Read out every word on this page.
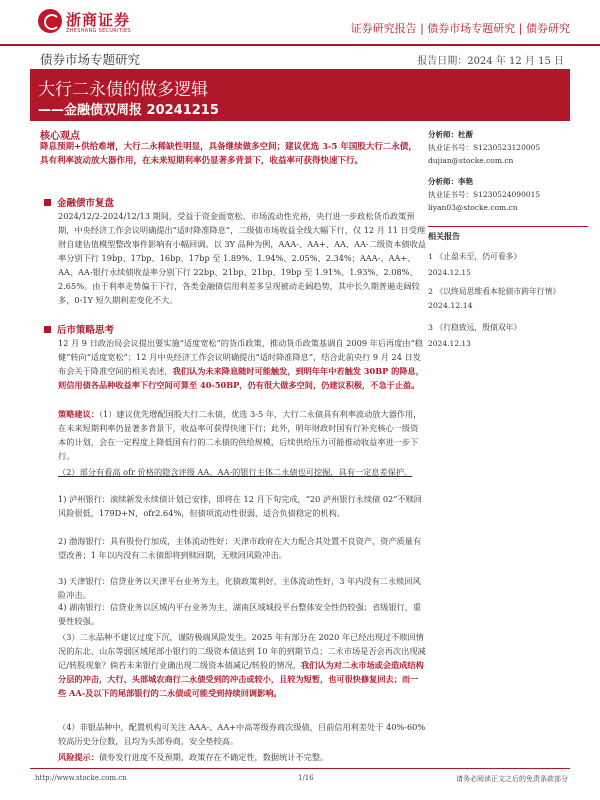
浙商证券
ZHESHANG SECURITIES	证券研究报告 | 债券市场专题研究 | 债券研究
债券市场专题研究	报告日期：2024 年 12 月 15 日
大行二永债的做多逻辑
——金融债双周报 20241215
核心观点
降息预期+供给难增，大行二永稀缺性明显，具备继续做多空间；建议优选 3-5 年国股大行二永债，具有利率波动放大器作用，在未来短期利率仍显著多背景下，收益率可获得快速下行。
金融债市复盘
2024/12/2-2024/12/13 期间，受益于资金面宽松、市场流动性充裕，央行进一步政松货币政策预期，中央经济工作会议明确提出“适时降准降息”，二级债市场收益全线大幅下行，仅 12 月 11 日受理财自建估值模型整改事件影响有小幅回调。以 3Y 品种为例，AAA-、AA+、AA、AA-二级资本债收益率分别下行 19bp、17bp、16bp、17bp 至 1.89%、1.94%、2.05%、2.34%；AAA-、AA+、AA、AA-银行永续债收益率分别下行 22bp、21bp、21bp、19bp 至 1.91%、1.93%、2.08%、2.65%。由于利率走势偏于下行，各类金融债信用利差多呈现被动走阔趋势，其中长久期普遍走阔较多，0-1Y 短久期利差变化不大。
后市策略思考
12 月 9 日政治局会议提出要实施“适度宽松”的货币政策，推动货币政策基调自 2009 年后再度由“稳健”转向“适度宽松”；12 月中央经济工作会议明确提出“适时降准降息”，结合此前央行 9 月 24 日发布会关于降准空间的相关表述，我们认为未来降息随时可能触发，到明年年中若触发 30BP 的降息，则信用债各品种收益率下行空间可算至 40-50BP，仍有很大做多空间，仍建议积极，不急于止盈。
策略建议：（1）建议优先增配国股大行二永债，优选 3-5 年，大行二永债具有利率波动放大器作用，在未来短期利率仍显著多背景下，收益率可获得快速下行；此外，明年财政时国有行补充核心一级资本的计划，会在一定程度上降低国有行的二永债的供给规模，后续供给压力可能推动收益率进一步下行。
（2）部分有看高 ofr 价格的隐含评级 AA、AA-的银行主体二永债也可挖掘，具有一定息差保护。
1) 泸州银行：滚续新发永续债计划已安排，即将在 12 月下旬完成，“20 泸州银行永续债 02”不赎回风险很低，179D+N，ofr2.64%，但债项流动性很弱，适合负债稳定的机构。
2) 渤海银行：具有股份行加成，主体流动性好；天津市政府在大力配合其处置不良资产，资产质量有望改善；1 年以内没有二永债即将到赎回期，无赎回风险冲击。
3) 天津银行：信贷业务以天津平台业务为主，化债政策利好，主体流动性好，3 年内没有二永赎回风险冲击。
4) 湖南银行：信贷业务以区域内平台业务为主，湖南区域城投平台整体安全性仍较强；省级银行，重要性较强。
（3）二永品种不建议过度下沉，谨防极端风险发生。2025 年有部分在 2020 年已经出现过不赎回情况的东北、山东等弱区域尾部小银行的二级资本债达到 10 年的到期节点；二永市场是否会再次出现减记/转股现象？倘若未来银行业确出现二级资本债减记/转股的情况，我们认为对二永市场或会造成结构分层的冲击，大行、头部城农商行二永债受到的冲击或较小，且较为短暂，也可很快修复回去；而一些 AA-及以下的尾部银行的二永债或可能受到持续回调影响。
（4）非银品种中，配置机构可关注 AAA-、AA+中高等级券商次级债，目前信用利差处于 40%-60%较高历史分位数，且均为头部券商，安全垫较高。
风险提示：债券发行进度不及预期，政策存在不确定性，数据统计不完整。
分析师：杜渐
执业证书号：S1230523120005
dujian@stocke.com.cn
分析师：李艳
执业证书号：S1230524090015
liyan03@stocke.com.cn
相关报告
1 《止盈未至，仍可看多》
2024.12.15
2 《以终局思维看本轮债市跨年行情》 2024.12.14
3 《行稳致远，殷债双年》
2024.12.13
http://www.stocke.com.cn	1/16	请务必阅读正文之后的免责条款部分
